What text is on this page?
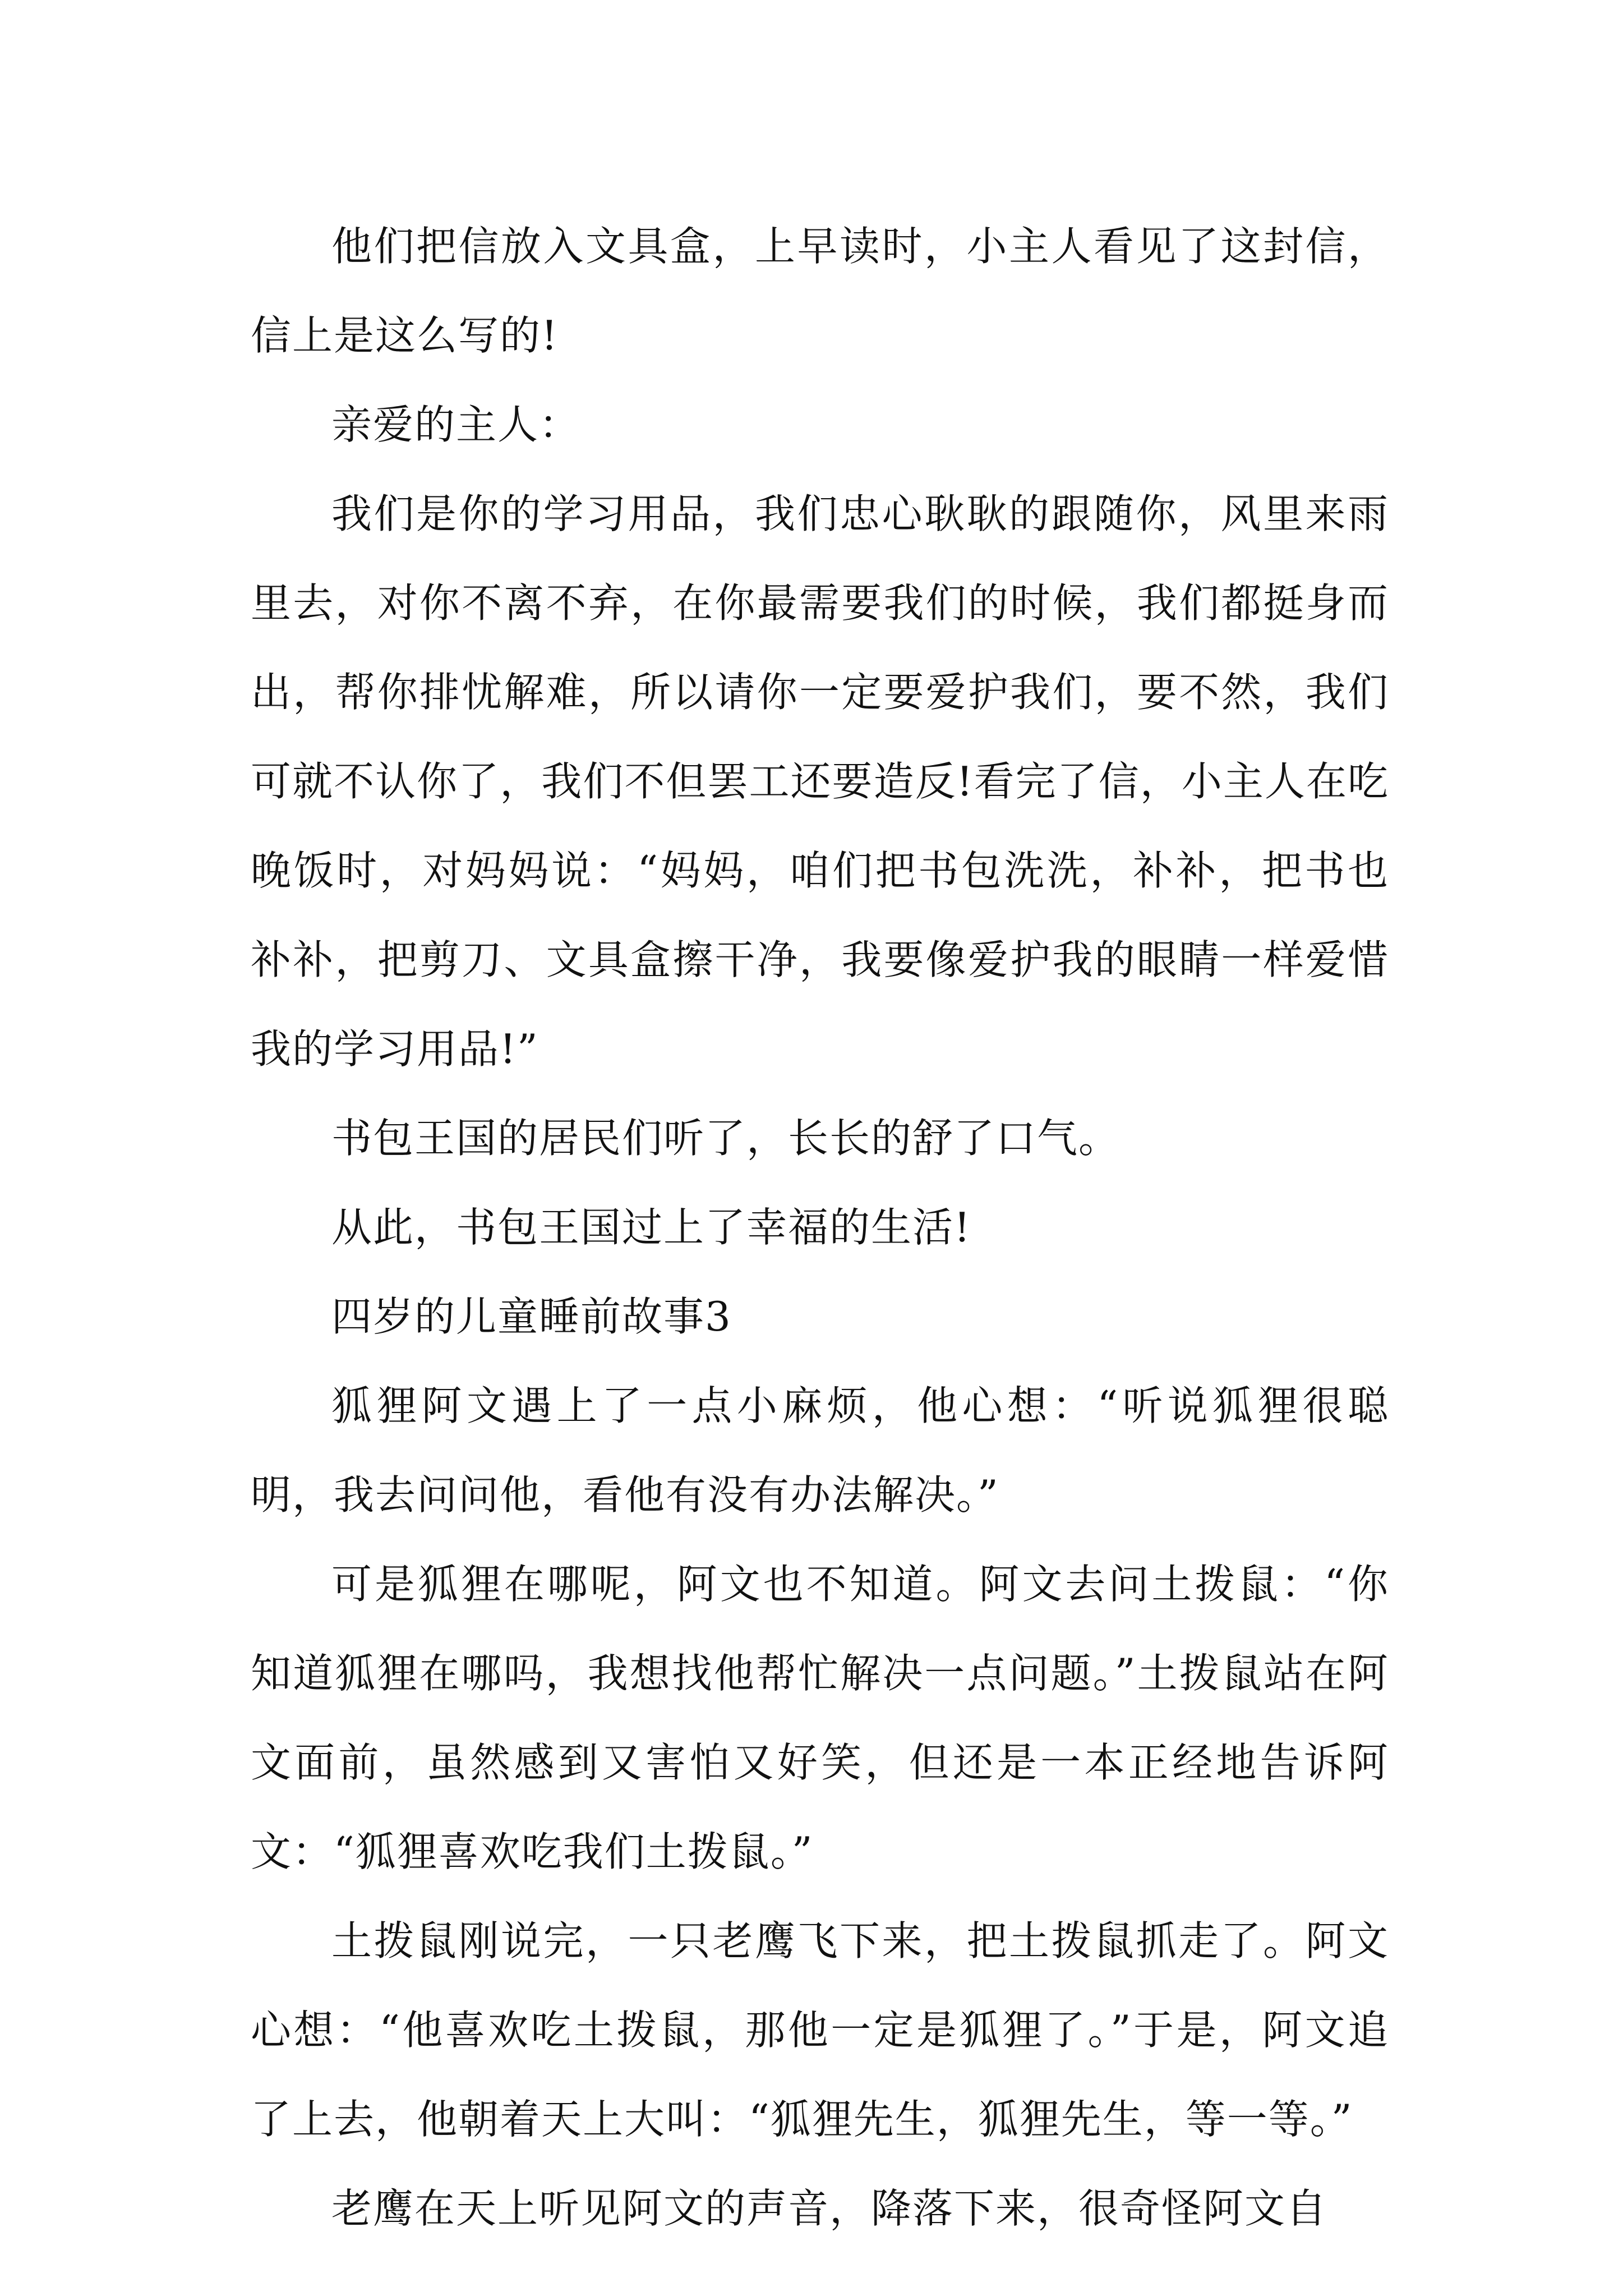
他们把信放入文具盒，上早读时，小主人看见了这封信，信上是这么写的!

亲爱的主人：

我们是你的学习用品，我们忠心耿耿的跟随你，风里来雨里去，对你不离不弃，在你最需要我们的时候，我们都挺身而出，帮你排忧解难，所以请你一定要爱护我们，要不然，我们可就不认你了，我们不但罢工还要造反!看完了信，小主人在吃晚饭时，对妈妈说：“妈妈，咱们把书包洗洗，补补，把书也补补，把剪刀、文具盒擦干净，我要像爱护我的眼睛一样爱惜我的学习用品!”

书包王国的居民们听了，长长的舒了口气。

从此，书包王国过上了幸福的生活!

四岁的儿童睡前故事3

狐狸阿文遇上了一点小麻烦，他心想：“听说狐狸很聪明，我去问问他，看他有没有办法解决。”

可是狐狸在哪呢，阿文也不知道。阿文去问土拨鼠：“你知道狐狸在哪吗，我想找他帮忙解决一点问题。”土拨鼠站在阿文面前，虽然感到又害怕又好笑，但还是一本正经地告诉阿文：“狐狸喜欢吃我们土拨鼠。”

土拨鼠刚说完，一只老鹰飞下来，把土拨鼠抓走了。阿文心想：“他喜欢吃土拨鼠，那他一定是狐狸了。”于是，阿文追了上去，他朝着天上大叫：“狐狸先生，狐狸先生，等一等。”

老鹰在天上听见阿文的声音，降落下来，很奇怪阿文自
